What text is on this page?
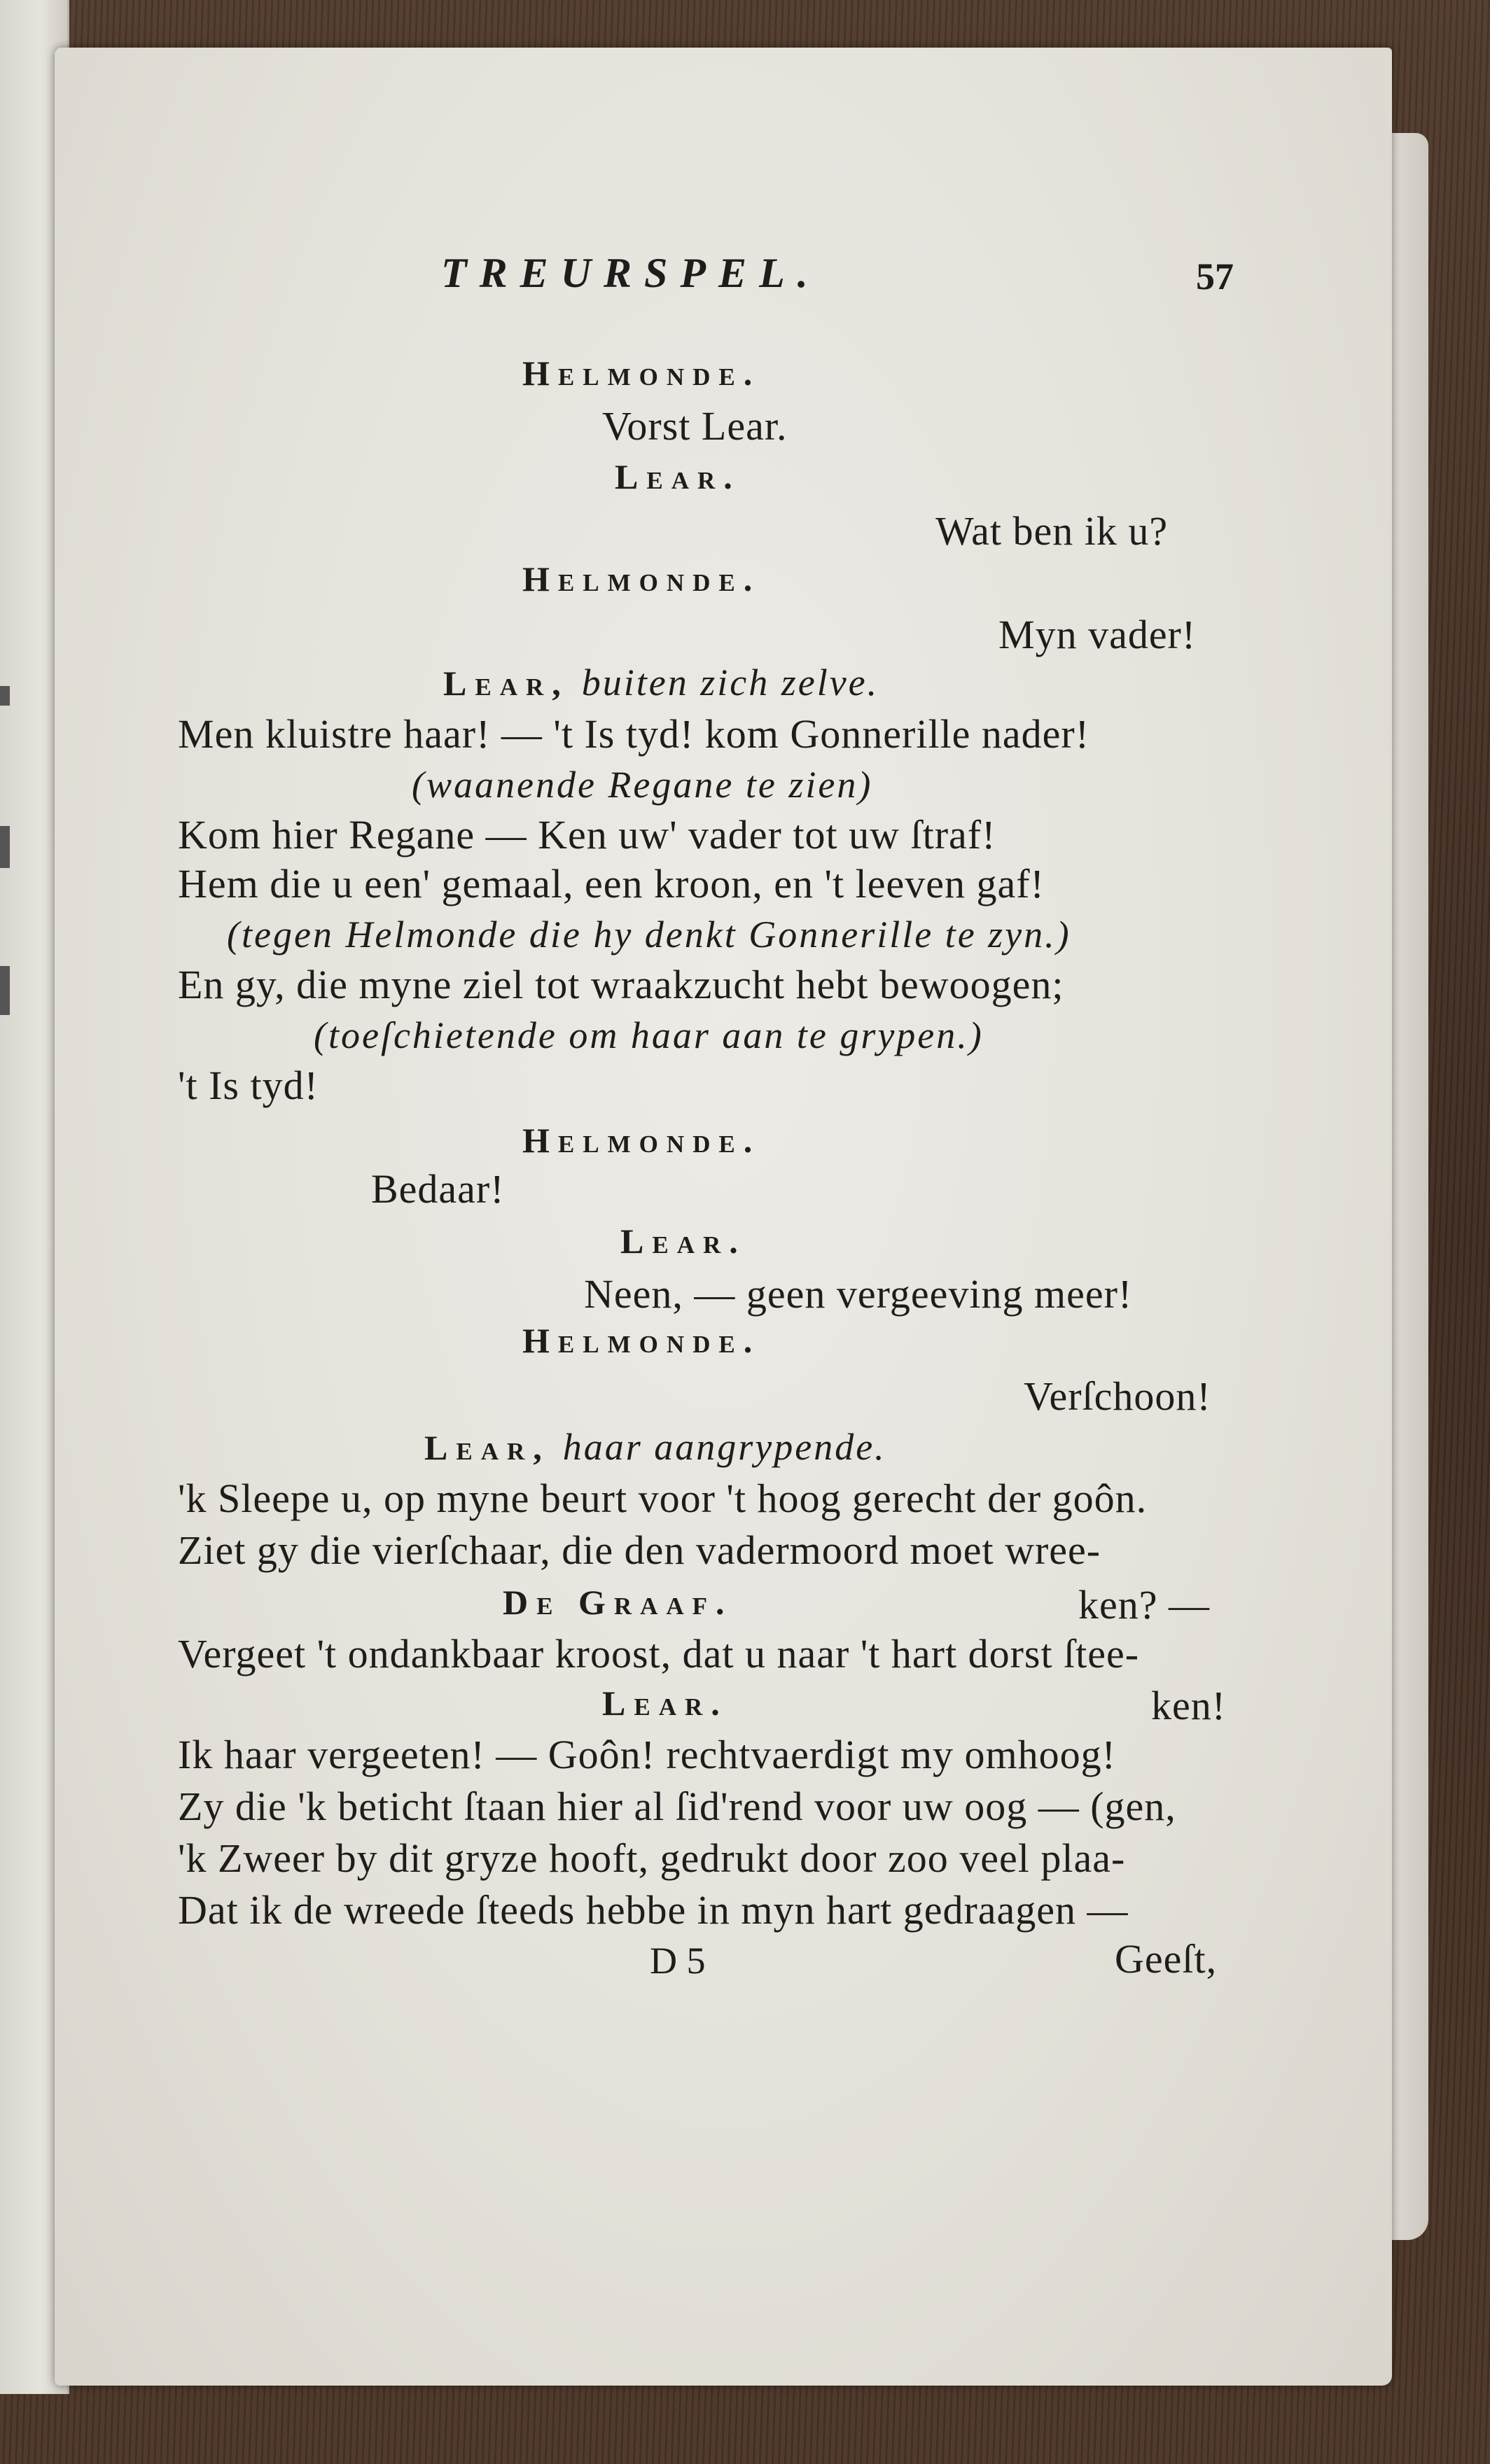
TREURSPEL.	57
Helmonde.
Vorst Lear.
Lear.
Wat ben ik u?
Helmonde.
Myn vader!
Lear, buiten zich zelve.
Men kluistre haar! — 't Is tyd! kom Gonnerille nader!
(waanende Regane te zien)
Kom hier Regane — Ken uw' vader tot uw ſtraf!
Hem die u een' gemaal, een kroon, en 't leeven gaf!
(tegen Helmonde die hy denkt Gonnerille te zyn.)
En gy, die myne ziel tot wraakzucht hebt bewoogen;
(toeſchietende om haar aan te grypen.)
't Is tyd!
Helmonde.
Bedaar!
Lear.
Neen, — geen vergeeving meer!
Helmonde.
Verſchoon!
Lear, haar aangrypende.
'k Sleepe u, op myne beurt voor 't hoog gerecht der goôn.
Ziet gy die vierſchaar, die den vadermoord moet wree-
De Graaf.	ken? —
Vergeet 't ondankbaar kroost, dat u naar 't hart dorst ſtee-
Lear.	ken!
Ik haar vergeeten! — Goôn! rechtvaerdigt my omhoog!
Zy die 'k beticht ſtaan hier al ſid'rend voor uw oog — (gen,
'k Zweer by dit gryze hooft, gedrukt door zoo veel plaa-
Dat ik de wreede ſteeds hebbe in myn hart gedraagen —
D 5	Geeſt,
